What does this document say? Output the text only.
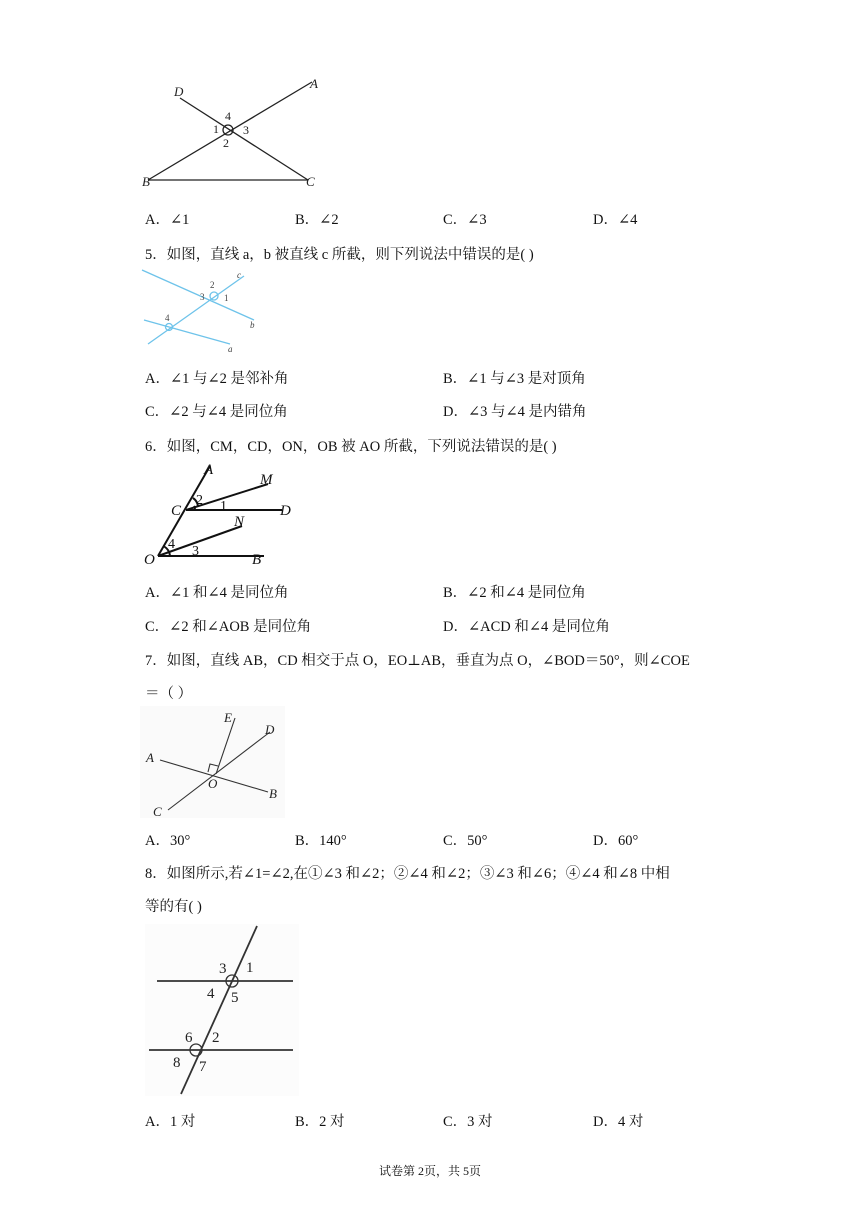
D
A
B	C
1
2
3
4
A．∠1	B．∠2	C．∠3	D．∠4
5．如图，直线 a，b 被直线 c 所截，则下列说法中错误的是( )
c
b
a
2
3 1
4
A．∠1 与∠2 是邻补角	B．∠1 与∠3 是对顶角
C．∠2 与∠4 是同位角	D．∠3 与∠4 是内错角
6．如图，CM，CD，ON，OB 被 AO 所截，下列说法错误的是( )
A
M
C	D
N
O	B
1
2
3
4
A．∠1 和∠4 是同位角	B．∠2 和∠4 是同位角
C．∠2 和∠AOB 是同位角	D．∠ACD 和∠4 是同位角
7．如图，直线 AB，CD 相交于点 O，EO⊥AB，垂直为点 O，∠BOD＝50°，则∠COE
＝（ ）
E
D
A
O
B
C
A．30°	B．140°	C．50°	D．60°
8．如图所示,若∠1=∠2,在①∠3 和∠2；②∠4 和∠2；③∠3 和∠6；④∠4 和∠8 中相
等的有( )
3 1
4 5
6 2
8 7
A．1 对	B．2 对	C．3 对	D．4 对
试卷第 2页，共 5页
